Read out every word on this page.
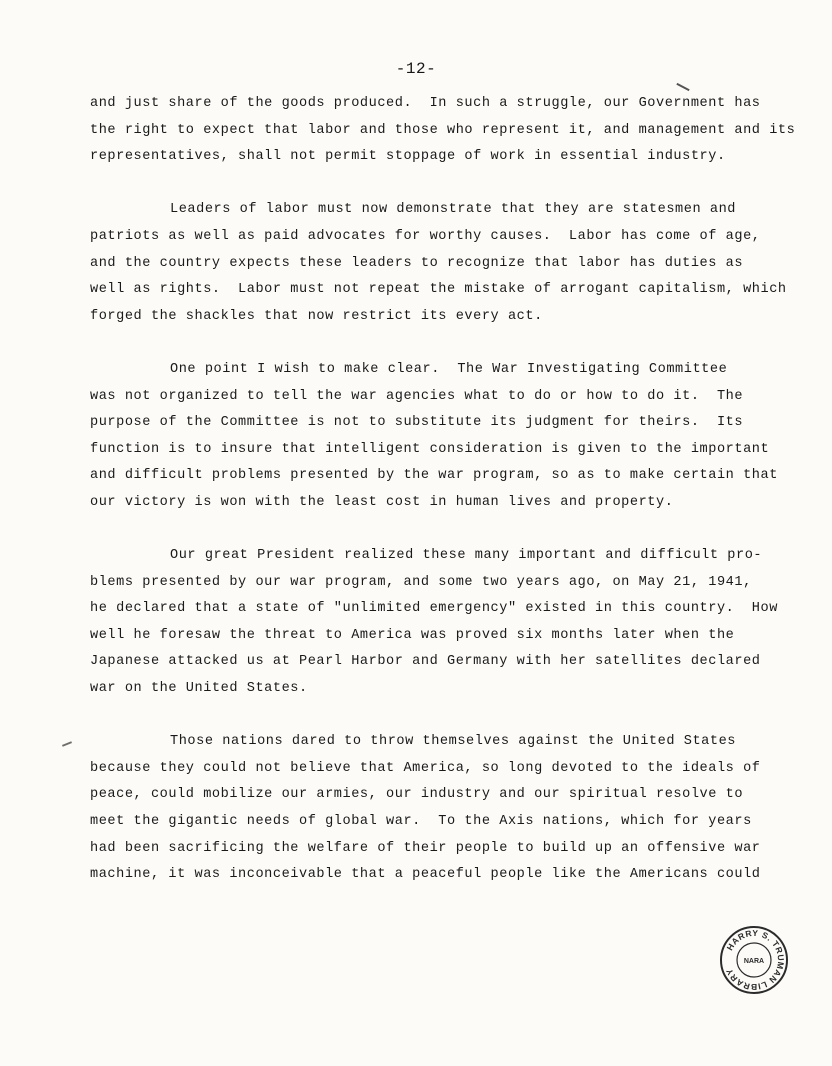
-12-
and just share of the goods produced.  In such a struggle, our Government has
the right to expect that labor and those who represent it, and management and its
representatives, shall not permit stoppage of work in essential industry.
Leaders of labor must now demonstrate that they are statesmen and
patriots as well as paid advocates for worthy causes.  Labor has come of age,
and the country expects these leaders to recognize that labor has duties as
well as rights.  Labor must not repeat the mistake of arrogant capitalism, which
forged the shackles that now restrict its every act.
One point I wish to make clear.  The War Investigating Committee
was not organized to tell the war agencies what to do or how to do it.  The
purpose of the Committee is not to substitute its judgment for theirs.  Its
function is to insure that intelligent consideration is given to the important
and difficult problems presented by the war program, so as to make certain that
our victory is won with the least cost in human lives and property.
Our great President realized these many important and difficult pro-
blems presented by our war program, and some two years ago, on May 21, 1941,
he declared that a state of "unlimited emergency" existed in this country.  How
well he foresaw the threat to America was proved six months later when the
Japanese attacked us at Pearl Harbor and Germany with her satellites declared
war on the United States.
Those nations dared to throw themselves against the United States
because they could not believe that America, so long devoted to the ideals of
peace, could mobilize our armies, our industry and our spiritual resolve to
meet the gigantic needs of global war.  To the Axis nations, which for years
had been sacrificing the welfare of their people to build up an offensive war
machine, it was inconceivable that a peaceful people like the Americans could
HARRY S. TRUMAN LIBRARY
NARA
